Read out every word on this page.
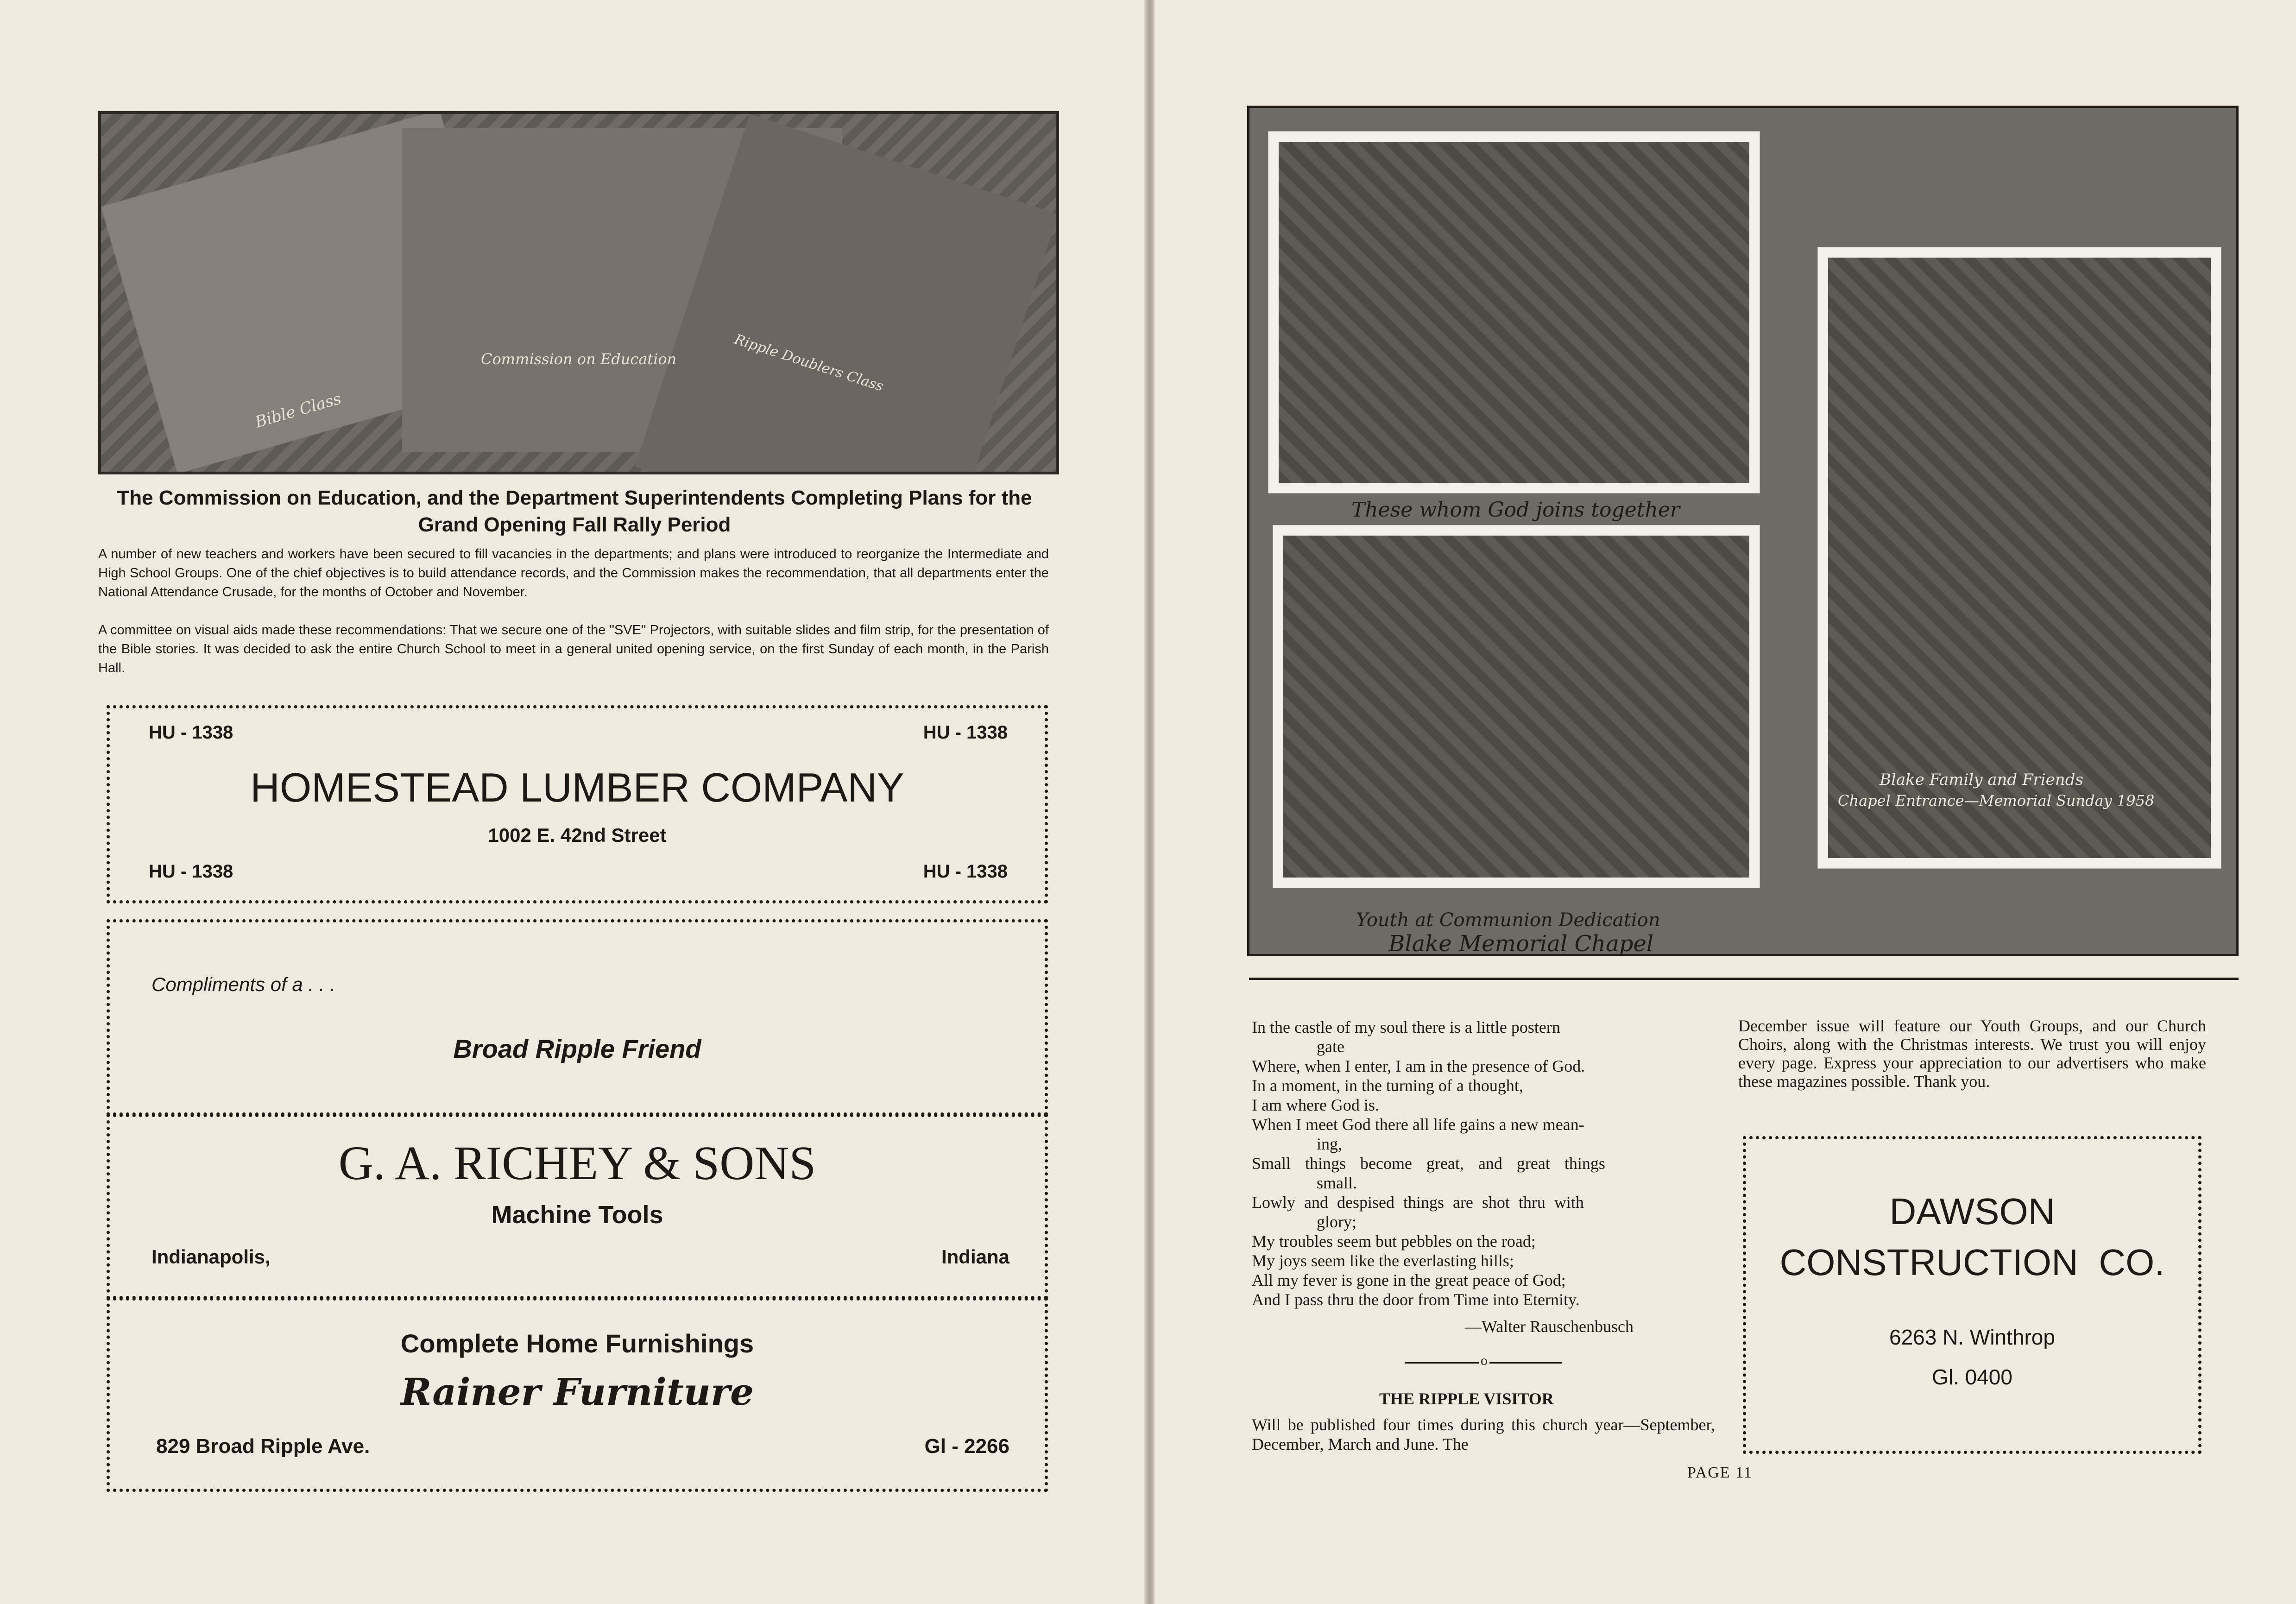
Bible Class
Commission on Education	Ripple Doublers Class
The Commission on Education, and the Department Superintendents Completing Plans for the Grand Opening Fall Rally Period
A number of new teachers and workers have been secured to fill vacancies in the departments; and plans were introduced to reorganize the Intermediate and High School Groups. One of the chief objectives is to build attendance records, and the Commission makes the recommendation, that all departments enter the National Attendance Crusade, for the months of October and November.
A committee on visual aids made these recommendations: That we secure one of the "SVE" Projectors, with suitable slides and film strip, for the presentation of the Bible stories. It was decided to ask the entire Church School to meet in a general united opening service, on the first Sunday of each month, in the Parish Hall.
HU - 1338	HU - 1338
HOMESTEAD LUMBER COMPANY
1002 E. 42nd Street
HU - 1338	HU - 1338
Compliments of a . . .
Broad Ripple Friend
G. A. RICHEY & SONS
Machine Tools
Indianapolis,	Indiana
Complete Home Furnishings
Rainer Furniture
829 Broad Ripple Ave.	Gl - 2266
These whom God joins together
Youth at Communion Dedication
Blake Memorial Chapel
Blake Family and Friends
Chapel Entrance—Memorial Sunday 1958
In the castle of my soul there is a little postern
gate
Where, when I enter, I am in the presence of God.
In a moment, in the turning of a thought,
I am where God is.
When I meet God there all life gains a new mean-
ing,
Small things become great, and great things
small.
Lowly and despised things are shot thru with
glory;
My troubles seem but pebbles on the road;
My joys seem like the everlasting hills;
All my fever is gone in the great peace of God;
And I pass thru the door from Time into Eternity.
—Walter Rauschenbusch
o
THE RIPPLE VISITOR
Will be published four times during this church year—September, December, March and June. The
December issue will feature our Youth Groups, and our Church Choirs, along with the Christmas interests. We trust you will enjoy every page. Express your appreciation to our advertisers who make these magazines possible. Thank you.
DAWSON
CONSTRUCTION  CO.
6263 N. Winthrop
Gl. 0400
PAGE 11
